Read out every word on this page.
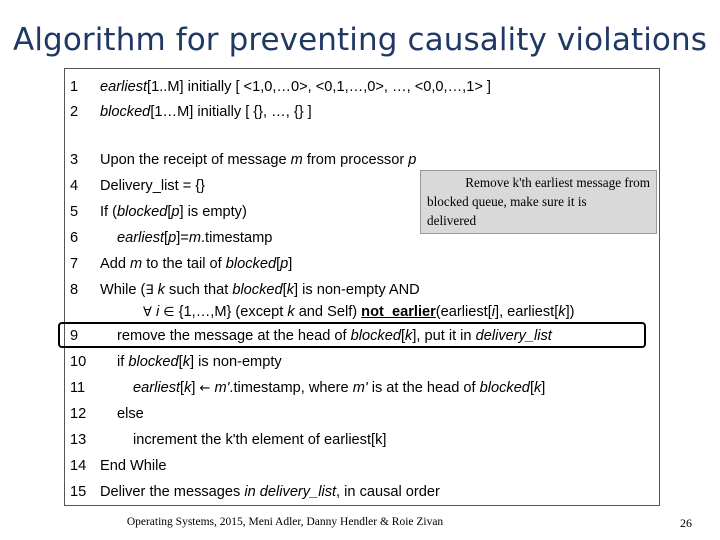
Algorithm for preventing causality violations
1	earliest[1..M] initially [ <1,0,…0>, <0,1,…,0>, …, <0,0,…,1> ]
2	blocked[1…M] initially [ {}, …, {} ]
3	Upon the receipt of message m from processor p
4	Delivery_list = {}
5	If (blocked[p] is empty)
6	earliest[p]=m.timestamp
7	Add m to the tail of blocked[p]
8	While (∃ k such that blocked[k] is non-empty AND
∀ i ∈ {1,…,M} (except k and Self) not_earlier(earliest[i], earliest[k])
9	remove the message at the head of blocked[k], put it in delivery_list
10	if blocked[k] is non-empty
11	earliest[k] ← m'.timestamp, where m' is at the head of blocked[k]
12	else
13	increment the k'th element of earliest[k]
14 End While
15 Deliver the messages in delivery_list, in causal order
Remove k'th earliest message from
blocked queue, make sure it is
delivered
Operating Systems, 2015, Meni Adler, Danny Hendler & Roie Zivan	26
